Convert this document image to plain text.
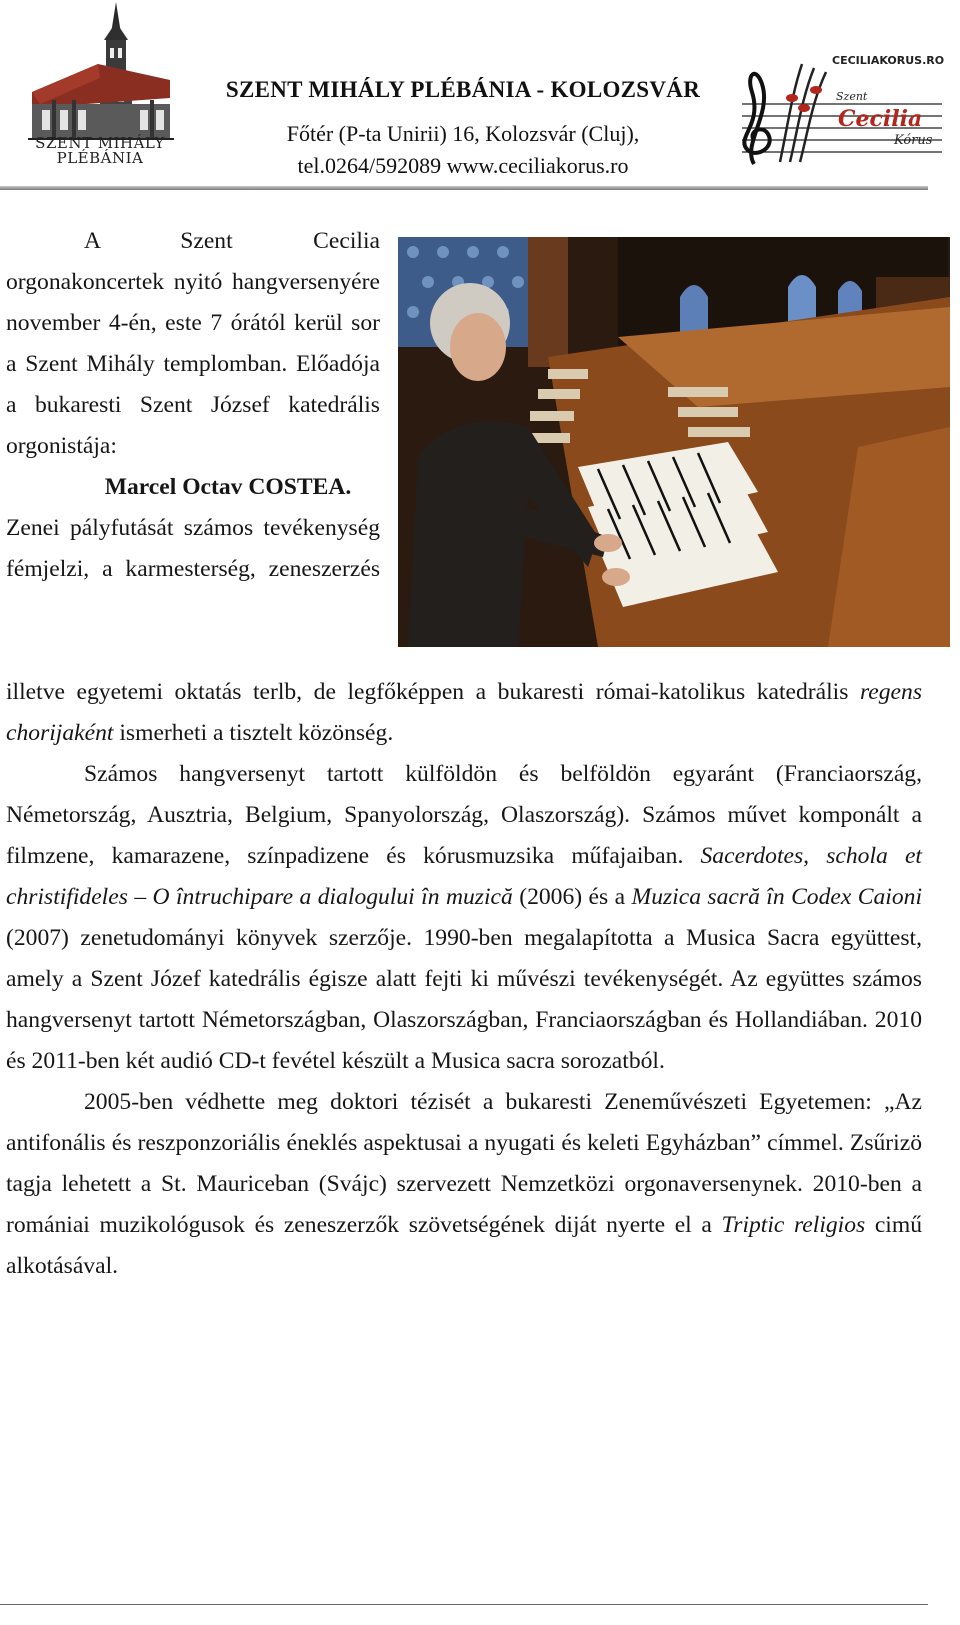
SZENT MIHÁLY
PLÉBÁNIA
SZENT MIHÁLY PLÉBÁNIA - KOLOZSVÁR
Főtér (P-ta Unirii) 16, Kolozsvár (Cluj),
tel.0264/592089 www.ceciliakorus.ro
CECILIAKORUS.RO
Szent
Cecilia
Kórus

A Szent Cecilia orgonakoncertek nyitó hangversenyére november 4-én, este 7 órától kerül sor a Szent Mihály templomban. Előadója a bukaresti Szent József katedrális orgonistája:

Marcel Octav COSTEA.

Zenei pályfutását számos tevékenység fémjelzi, a karmesterség, zeneszerzés

illetve egyetemi oktatás terlb, de legfőképpen a bukaresti római-katolikus katedrális regens chorijaként ismerheti a tisztelt közönség.

Számos hangversenyt tartott külföldön és belföldön egyaránt (Franciaország, Németország, Ausztria, Belgium, Spanyolország, Olaszország). Számos művet komponált a filmzene, kamarazene, színpadizene és kórusmuzsika műfajaiban. Sacerdotes, schola et christifideles – O întruchipare a dialogului în muzică (2006) és a Muzica sacră în Codex Caioni (2007) zenetudományi könyvek szerzője. 1990-ben megalapította a Musica Sacra együttest, amely a Szent Józef katedrális égisze alatt fejti ki művészi tevékenységét. Az együttes számos hangversenyt tartott Németországban, Olaszországban, Franciaországban és Hollandiában. 2010 és 2011-ben két audió CD-t fevétel készült a Musica sacra sorozatból.

2005-ben védhette meg doktori tézisét a bukaresti Zeneművészeti Egyetemen: „Az antifonális és reszponzoriális éneklés aspektusai a nyugati és keleti Egyházban” címmel. Zsűrizö tagja lehetett a St. Mauriceban (Svájc) szervezett Nemzetközi orgonaversenynek. 2010-ben a romániai muzikológusok és zeneszerzők szövetségének diját nyerte el a Triptic religios cimű alkotásával.
